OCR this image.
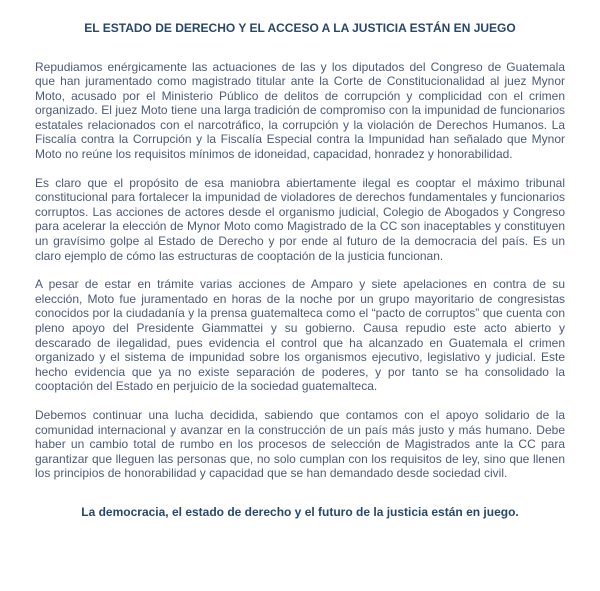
EL ESTADO DE DERECHO Y EL ACCESO A LA JUSTICIA ESTÁN EN JUEGO

Repudiamos enérgicamente las actuaciones de las y los diputados del Congreso de Guatemala que han juramentado como magistrado titular ante la Corte de Constitucionalidad al juez Mynor Moto, acusado por el Ministerio Público de delitos de corrupción y complicidad con el crimen organizado. El juez Moto tiene una larga tradición de compromiso con la impunidad de funcionarios estatales relacionados con el narcotráfico, la corrupción y la violación de Derechos Humanos. La Fiscalía contra la Corrupción y la Fiscalía Especial contra la Impunidad han señalado que Mynor Moto no reúne los requisitos mínimos de idoneidad, capacidad, honradez y honorabilidad.

Es claro que el propósito de esa maniobra abiertamente ilegal es cooptar el máximo tribunal constitucional para fortalecer la impunidad de violadores de derechos fundamentales y funcionarios corruptos. Las acciones de actores desde el organismo judicial, Colegio de Abogados y Congreso para acelerar la elección de Mynor Moto como Magistrado de la CC son inaceptables y constituyen un gravísimo golpe al Estado de Derecho y por ende al futuro de la democracia del país. Es un claro ejemplo de cómo las estructuras de cooptación de la justicia funcionan.

A pesar de estar en trámite varias acciones de Amparo y siete apelaciones en contra de su elección, Moto fue juramentado en horas de la noche por un grupo mayoritario de congresistas conocidos por la ciudadanía y la prensa guatemalteca como el “pacto de corruptos” que cuenta con pleno apoyo del Presidente Giammattei y su gobierno. Causa repudio este acto abierto y descarado de ilegalidad, pues evidencia el control que ha alcanzado en Guatemala el crimen organizado y el sistema de impunidad sobre los organismos ejecutivo, legislativo y judicial. Este hecho evidencia que ya no existe separación de poderes, y por tanto se ha consolidado la cooptación del Estado en perjuicio de la sociedad guatemalteca.

Debemos continuar una lucha decidida, sabiendo que contamos con el apoyo solidario de la comunidad internacional y avanzar en la construcción de un país más justo y más humano. Debe haber un cambio total de rumbo en los procesos de selección de Magistrados ante la CC para garantizar que lleguen las personas que, no solo cumplan con los requisitos de ley, sino que llenen los principios de honorabilidad y capacidad que se han demandado desde sociedad civil.

La democracia, el estado de derecho y el futuro de la justicia están en juego.
